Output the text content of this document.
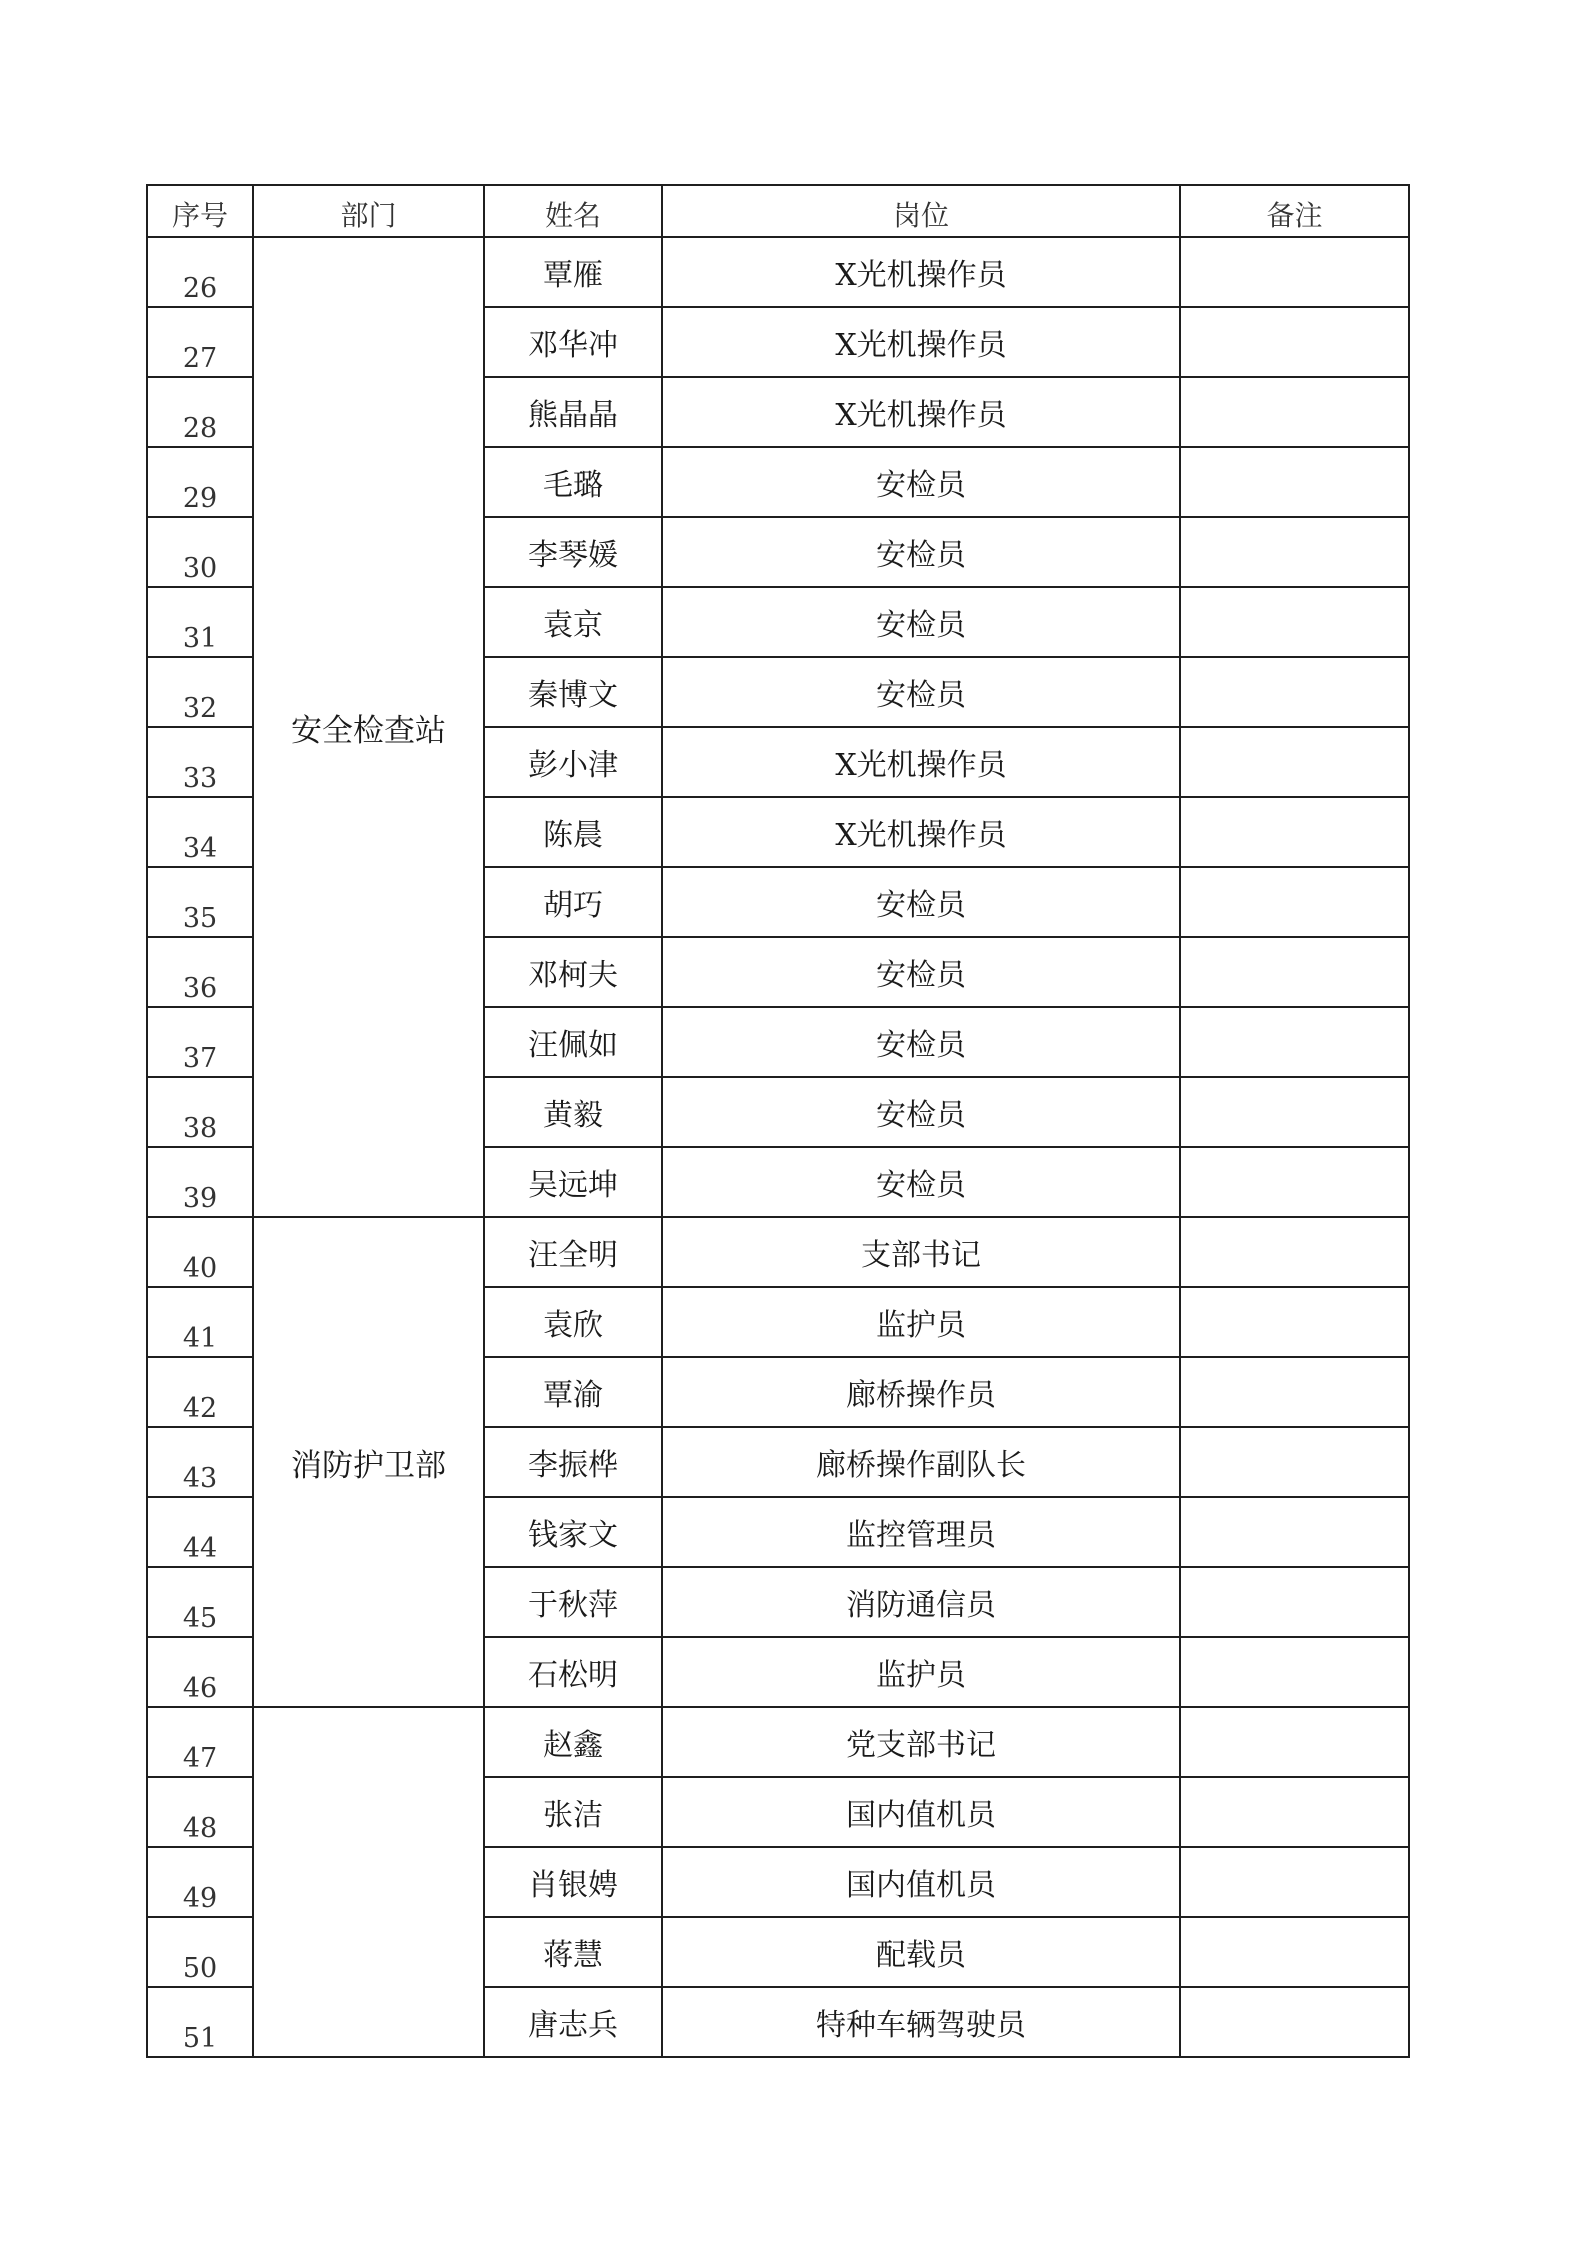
序号	部门	姓名	岗位	备注
26	安全检查站	覃雁	X光机操作员	
27		邓华冲	X光机操作员	
28		熊晶晶	X光机操作员	
29		毛璐	安检员	
30		李琴媛	安检员	
31		袁京	安检员	
32		秦博文	安检员	
33		彭小津	X光机操作员	
34		陈晨	X光机操作员	
35		胡巧	安检员	
36		邓柯夫	安检员	
37		汪佩如	安检员	
38		黄毅	安检员	
39		吴远坤	安检员	
40	消防护卫部	汪全明	支部书记	
41		袁欣	监护员	
42		覃渝	廊桥操作员	
43		李振桦	廊桥操作副队长	
44		钱家文	监控管理员	
45		于秋萍	消防通信员	
46		石松明	监护员	
47		赵鑫	党支部书记	
48		张洁	国内值机员	
49		肖银娉	国内值机员	
50		蒋慧	配载员	
51		唐志兵	特种车辆驾驶员	
